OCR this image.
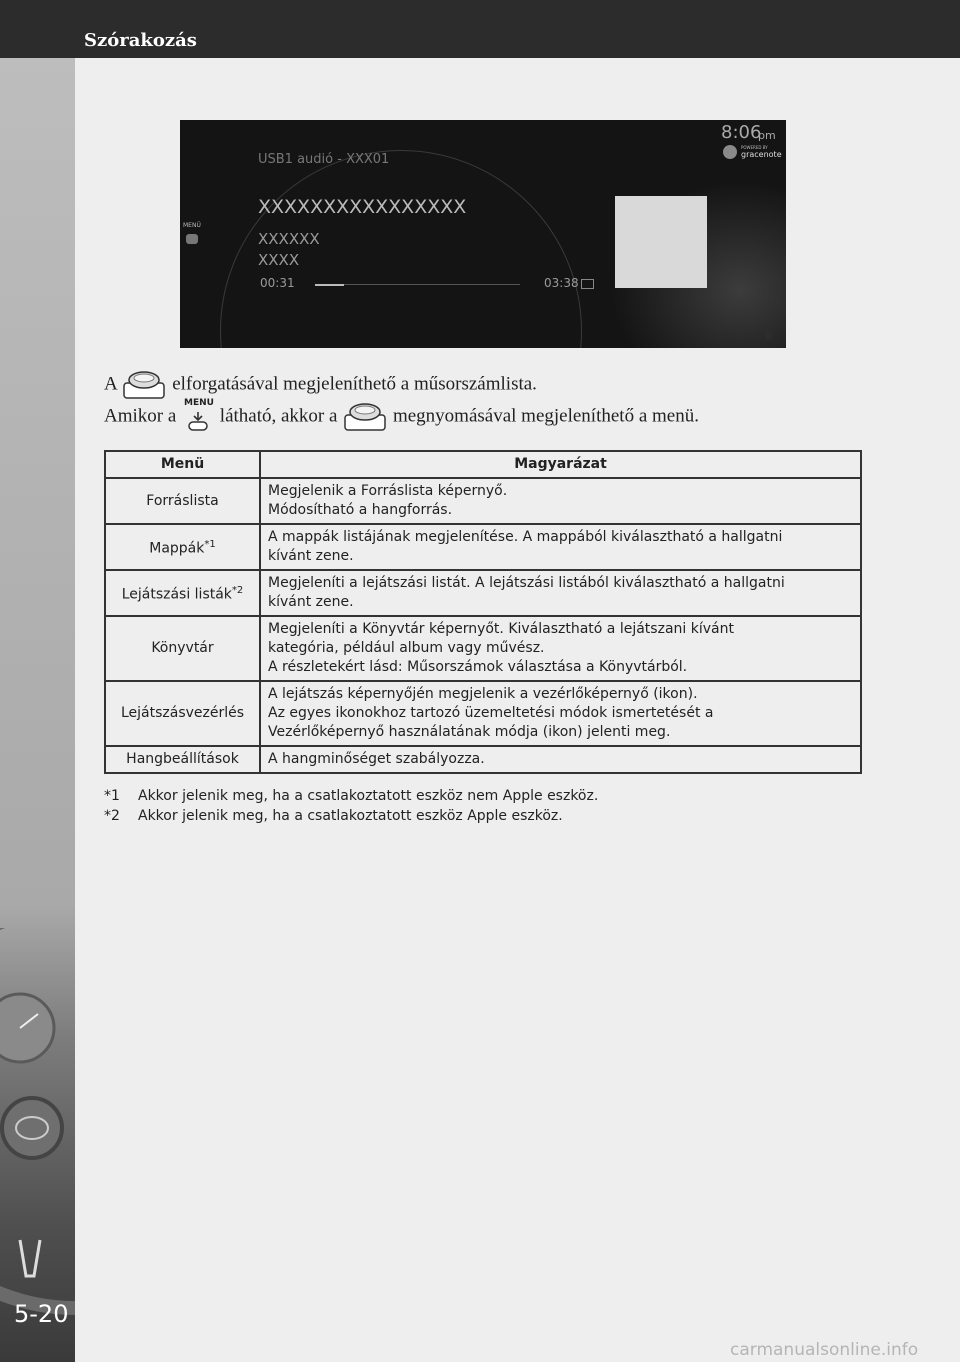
Szórakozás
5-20
8:06
pm
POWERED BY
gracenote
USB1 audió - XXX01
XXXXXXXXXXXXXXXX
XXXXXX
XXXX
00:31	03:38
MENÜ
A	elforgatásával megjeleníthető a műsorszámlista.
Amikor a
MENU
látható, akkor a	megnyomásával megjeleníthető a menü.
Menü	Magyarázat
Forráslista	Megjelenik a Forráslista képernyő.
Módosítható a hangforrás.

Mappák$^{*1}$	A mappák listájának megjelenítése. A mappából kiválasztható a hallgatni
kívánt zene.

Lejátszási listák$^{*2}$	Megjeleníti a lejátszási listát. A lejátszási listából kiválasztható a hallgatni
kívánt zene.

Könyvtár	Megjeleníti a Könyvtár képernyőt. Kiválasztható a lejátszani kívánt
kategória, például album vagy művész.
A részletekért lásd: Műsorszámok választása a Könyvtárból.

Lejátszásvezérlés	A lejátszás képernyőjén megjelenik a vezérlőképernyő (ikon).
Az egyes ikonokhoz tartozó üzemeltetési módok ismertetését a
Vezérlőképernyő használatának módja (ikon) jelenti meg.

Hangbeállítások	A hangminőséget szabályozza.
*1 Akkor jelenik meg, ha a csatlakoztatott eszköz nem Apple eszköz.
*2 Akkor jelenik meg, ha a csatlakoztatott eszköz Apple eszköz.
carmanualsonline.info
